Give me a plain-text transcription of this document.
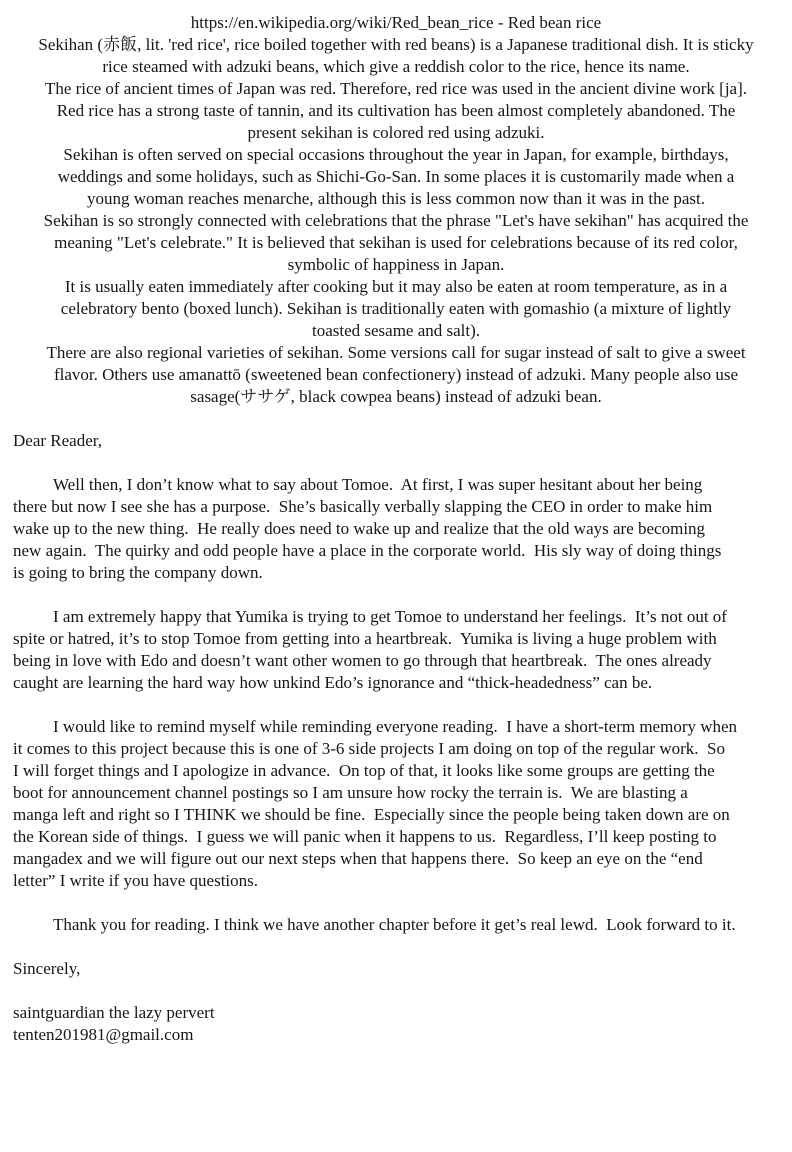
https://en.wikipedia.org/wiki/Red_bean_rice - Red bean rice
Sekihan (赤飯, lit. 'red rice', rice boiled together with red beans) is a Japanese traditional dish. It is sticky
rice steamed with adzuki beans, which give a reddish color to the rice, hence its name.
The rice of ancient times of Japan was red. Therefore, red rice was used in the ancient divine work [ja].
Red rice has a strong taste of tannin, and its cultivation has been almost completely abandoned. The
present sekihan is colored red using adzuki.
Sekihan is often served on special occasions throughout the year in Japan, for example, birthdays,
weddings and some holidays, such as Shichi-Go-San. In some places it is customarily made when a
young woman reaches menarche, although this is less common now than it was in the past.
Sekihan is so strongly connected with celebrations that the phrase "Let's have sekihan" has acquired the
meaning "Let's celebrate." It is believed that sekihan is used for celebrations because of its red color,
symbolic of happiness in Japan.
It is usually eaten immediately after cooking but it may also be eaten at room temperature, as in a
celebratory bento (boxed lunch). Sekihan is traditionally eaten with gomashio (a mixture of lightly
toasted sesame and salt).
There are also regional varieties of sekihan. Some versions call for sugar instead of salt to give a sweet
flavor. Others use amanattō (sweetened bean confectionery) instead of adzuki. Many people also use
sasage(ササゲ, black cowpea beans) instead of adzuki bean.
Dear Reader,
Well then, I don’t know what to say about Tomoe.  At first, I was super hesitant about her being
there but now I see she has a purpose.  She’s basically verbally slapping the CEO in order to make him
wake up to the new thing.  He really does need to wake up and realize that the old ways are becoming
new again.  The quirky and odd people have a place in the corporate world.  His sly way of doing things
is going to bring the company down.
I am extremely happy that Yumika is trying to get Tomoe to understand her feelings.  It’s not out of
spite or hatred, it’s to stop Tomoe from getting into a heartbreak.  Yumika is living a huge problem with
being in love with Edo and doesn’t want other women to go through that heartbreak.  The ones already
caught are learning the hard way how unkind Edo’s ignorance and “thick-headedness” can be.
I would like to remind myself while reminding everyone reading.  I have a short-term memory when
it comes to this project because this is one of 3-6 side projects I am doing on top of the regular work.  So
I will forget things and I apologize in advance.  On top of that, it looks like some groups are getting the
boot for announcement channel postings so I am unsure how rocky the terrain is.  We are blasting a
manga left and right so I THINK we should be fine.  Especially since the people being taken down are on
the Korean side of things.  I guess we will panic when it happens to us.  Regardless, I’ll keep posting to
mangadex and we will figure out our next steps when that happens there.  So keep an eye on the “end
letter” I write if you have questions.
Thank you for reading. I think we have another chapter before it get’s real lewd.  Look forward to it.
Sincerely,
saintguardian the lazy pervert
tenten201981@gmail.com
